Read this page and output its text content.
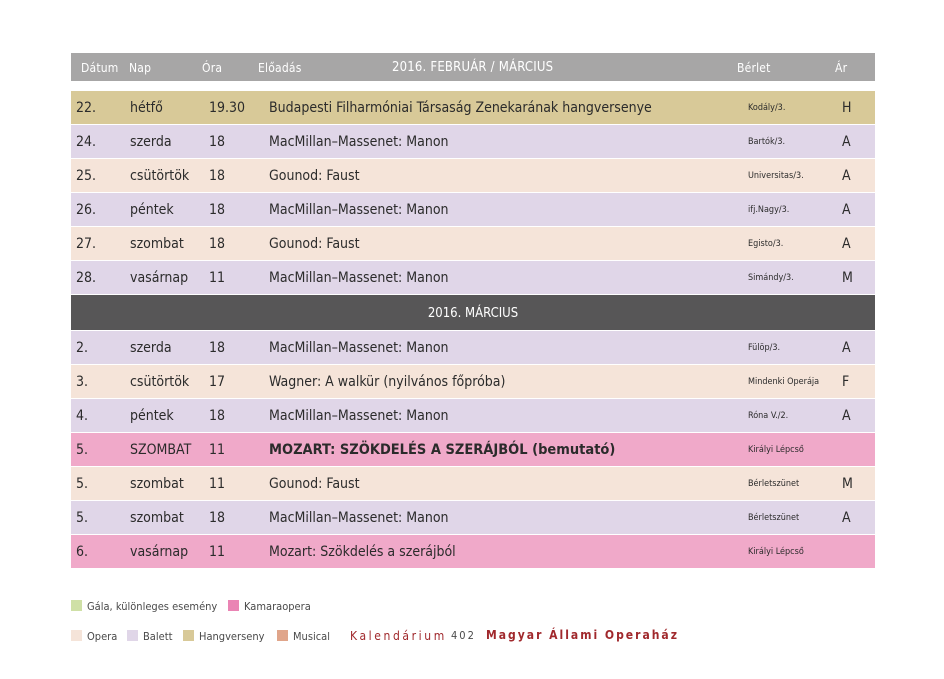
Dátum Nap	Óra	Előadás	2016. FEBRUÁR / MÁRCIUS	Bérlet	Ár
22. hétfő	19.30 Budapesti Filharmóniai Társaság Zenekarának hangversenye	Kodály/3.	H
24. szerda	18	MacMillan–Massenet: Manon	Bartók/3.	A
25. csütörtök 18	Gounod: Faust	Universitas/3.	A
26. péntek	18	MacMillan–Massenet: Manon	ifj.Nagy/3.	A
27. szombat 18	Gounod: Faust	Egisto/3.	A
28. vasárnap 11	MacMillan–Massenet: Manon	Simándy/3.	M
2016. MÁRCIUS
2.	szerda	18	MacMillan–Massenet: Manon	Fülöp/3.	A
3.	csütörtök 17	Wagner: A walkür (nyilvános főpróba)	Mindenki Operája F
4.	péntek	18	MacMillan–Massenet: Manon	Róna V./2.	A
5.	SZOMBAT 11	MOZART: SZÖKDELÉS A SZERÁJBÓL (bemutató)	Királyi Lépcső
5.	szombat 11	Gounod: Faust	Bérletszünet	M
5.	szombat 18	MacMillan–Massenet: Manon	Bérletszünet	A
6.	vasárnap 11	Mozart: Szökdelés a szerájból	Királyi Lépcső
Gála, különleges esemény	Kamaraopera
Opera	Balett	Hangverseny	Musical Kalendárium 402 Magyar Állami Operaház
